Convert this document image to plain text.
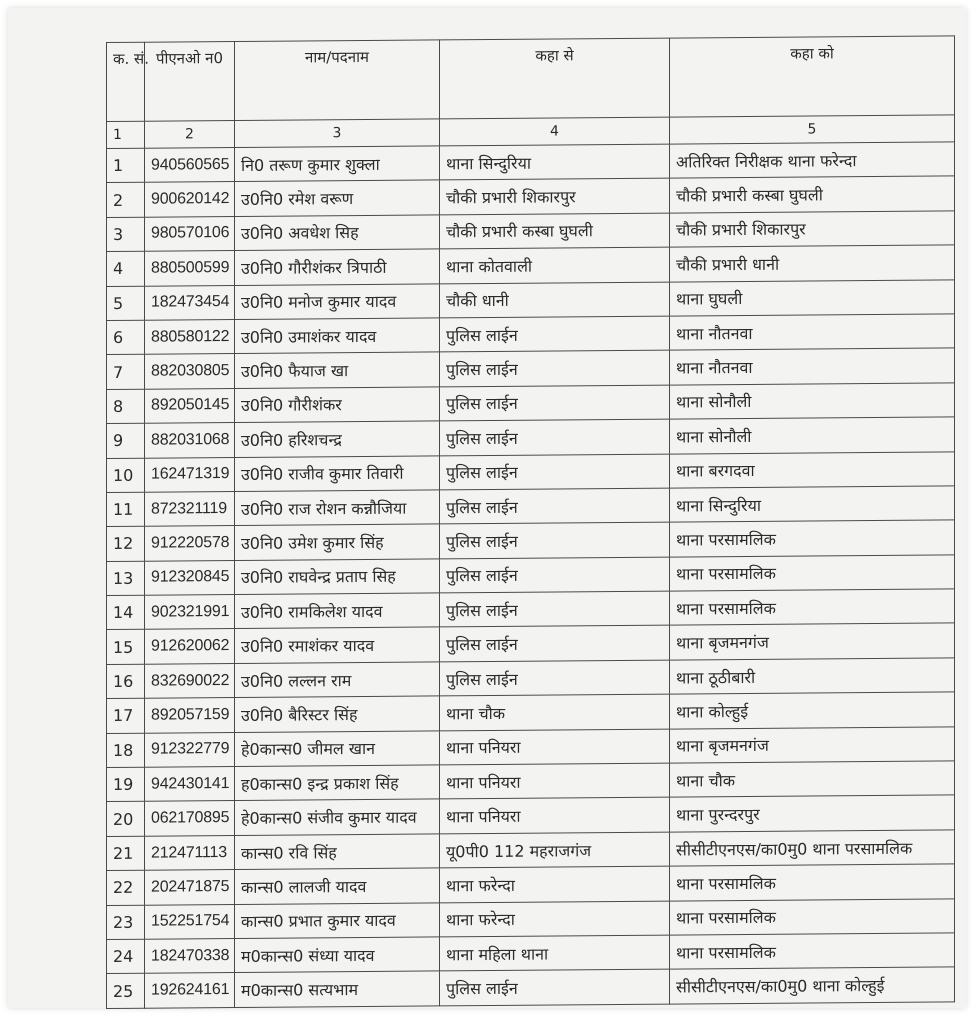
क. सं.	पीएनओ न0	नाम/पदनाम	कहा से	कहा को
1	2	3	4	5
1	940560565	नि0 तरूण कुमार शुक्ला	थाना सिन्दुरिया	अतिरिक्त निरीक्षक थाना फरेन्दा
2	900620142	उ0नि0 रमेश वरूण	चौकी प्रभारी शिकारपुर	चौकी प्रभारी कस्बा घुघली
3	980570106	उ0नि0 अवधेश सिह	चौकी प्रभारी कस्बा घुघली	चौकी प्रभारी शिकारपुर
4	880500599	उ0नि0 गौरीशंकर त्रिपाठी	थाना कोतवाली	चौकी प्रभारी धानी
5	182473454	उ0नि0 मनोज कुमार यादव	चौकी धानी	थाना घुघली
6	880580122	उ0नि0 उमाशंकर यादव	पुलिस लाईन	थाना नौतनवा
7	882030805	उ0नि0 फैयाज खा	पुलिस लाईन	थाना नौतनवा
8	892050145	उ0नि0 गौरीशंकर	पुलिस लाईन	थाना सोनौली
9	882031068	उ0नि0 हरिशचन्द्र	पुलिस लाईन	थाना सोनौली
10	162471319	उ0नि0 राजीव कुमार तिवारी	पुलिस लाईन	थाना बरगदवा
11	872321119	उ0नि0 राज रोशन कन्नौजिया	पुलिस लाईन	थाना सिन्दुरिया
12	912220578	उ0नि0 उमेश कुमार सिंह	पुलिस लाईन	थाना परसामलिक
13	912320845	उ0नि0 राघवेन्द्र प्रताप सिह	पुलिस लाईन	थाना परसामलिक
14	902321991	उ0नि0 रामकिलेश यादव	पुलिस लाईन	थाना परसामलिक
15	912620062	उ0नि0 रमाशंकर यादव	पुलिस लाईन	थाना बृजमनगंज
16	832690022	उ0नि0 लल्लन राम	पुलिस लाईन	थाना ठूठीबारी
17	892057159	उ0नि0 बैरिस्टर सिंह	थाना चौक	थाना कोल्हुई
18	912322779	हे0कान्स0 जीमल खान	थाना पनियरा	थाना बृजमनगंज
19	942430141	ह0कान्स0 इन्द्र प्रकाश सिंह	थाना पनियरा	थाना चौक
20	062170895	हे0कान्स0 संजीव कुमार यादव	थाना पनियरा	थाना पुरन्दरपुर
21	212471113	कान्स0 रवि सिंह	यू0पी0 112 महराजगंज	सीसीटीएनएस/का0मु0 थाना परसामलिक
22	202471875	कान्स0 लालजी यादव	थाना फरेन्दा	थाना परसामलिक
23	152251754	कान्स0 प्रभात कुमार यादव	थाना फरेन्दा	थाना परसामलिक
24	182470338	म0कान्स0 संध्या यादव	थाना महिला थाना	थाना परसामलिक
25	192624161	म0कान्स0 सत्यभाम	पुलिस लाईन	सीसीटीएनएस/का0मु0 थाना कोल्हुई
